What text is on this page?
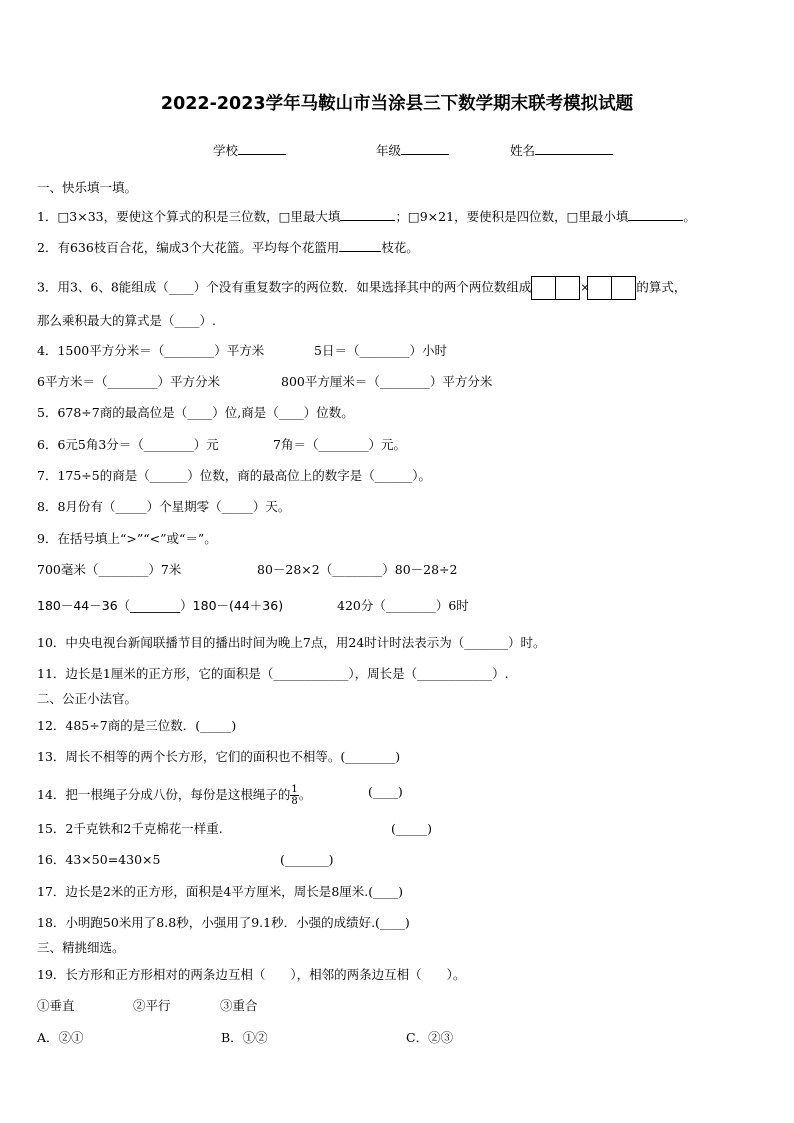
2022-2023学年马鞍山市当涂县三下数学期末联考模拟试题
学校	年级	姓名
一、快乐填一填。
1．□3×33，要使这个算式的积是三位数，□里最大填	；□9×21，要使积是四位数，□里最小填	。
2．有636枝百合花，编成3个大花篮。平均每个花篮用	枝花。
3．用3、6、8能组成（____）个没有重复数字的两位数．如果选择其中的两个两位数组成	×	的算式，
那么乘积最大的算式是（____）.
4．1500平方分米＝（________）平方米	5日＝（________）小时
6平方米＝（________）平方分米	800平方厘米＝（________）平方分米
5．678÷7商的最高位是（____）位,商是（____）位数。
6．6元5角3分＝（________）元	7角＝（________）元。
7．175÷5的商是（______）位数，商的最高位上的数字是（______）。
8．8月份有（_____）个星期零（_____）天。
9．在括号填上“>”“<”或“＝”。
700毫米（________）7米	80－28×2（________）80－28÷2
180－44－36（________）180－(44＋36)	420分（________）6时
10．中央电视台新闻联播节目的播出时间为晚上7点，用24时计时法表示为（_______）时。
11．边长是1厘米的正方形，它的面积是（____________），周长是（____________）.
二、公正小法官。
12．485÷7商的是三位数．(_____)
13．周长不相等的两个长方形，它们的面积也不相等。(________)
14．把一根绳子分成八份，每份是这根绳子的 $\frac{1}{8}$ 。	(____)
15．2千克铁和2千克棉花一样重.	(_____)
16．43×50=430×5	(_______)
17．边长是2米的正方形，面积是4平方厘米，周长是8厘米.(____)
18．小明跑50米用了8.8秒，小强用了9.1秒．小强的成绩好.(____)
三、精挑细选。
19．长方形和正方形相对的两条边互相（　　），相邻的两条边互相（　　）。
①垂直	②平行	③重合
A．②①	B．①②	C．②③
